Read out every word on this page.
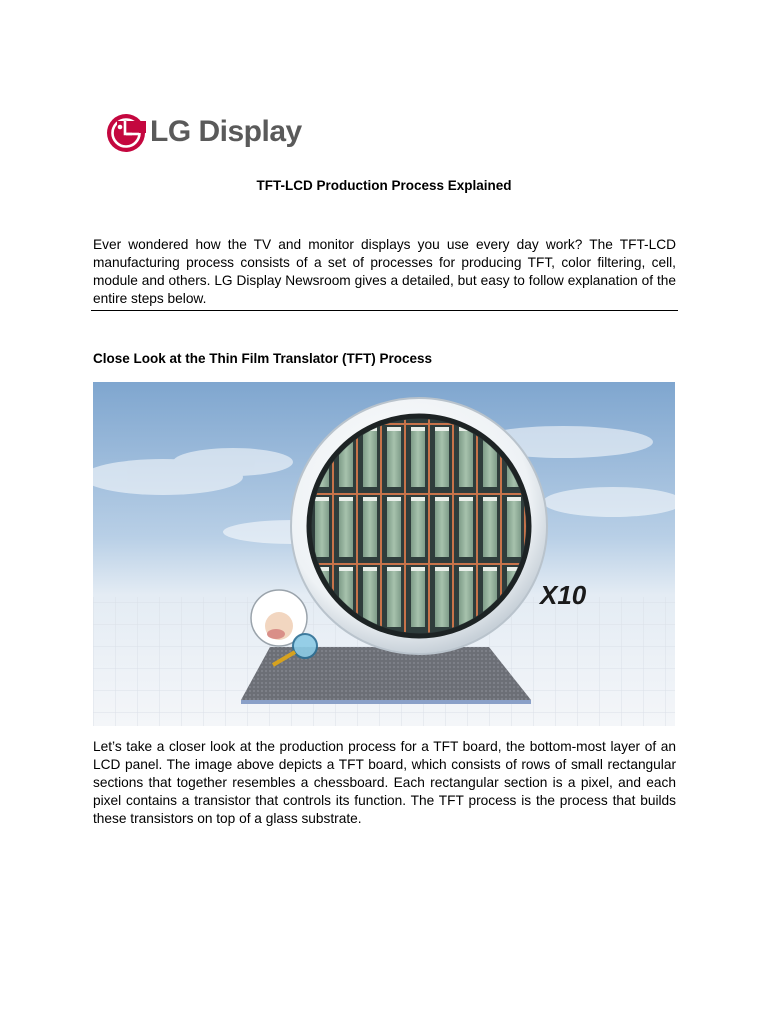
LG Display
TFT-LCD Production Process Explained
Ever wondered how the TV and monitor displays you use every day work? The TFT-LCD manufacturing process consists of a set of processes for producing TFT, color filtering, cell, module and others. LG Display Newsroom gives a detailed, but easy to follow explanation of the entire steps below.
Close Look at the Thin Film Translator (TFT) Process
X10
Let’s take a closer look at the production process for a TFT board, the bottom-most layer of an LCD panel. The image above depicts a TFT board, which consists of rows of small rectangular sections that together resembles a chessboard. Each rectangular section is a pixel, and each pixel contains a transistor that controls its function. The TFT process is the process that builds these transistors on top of a glass substrate.
